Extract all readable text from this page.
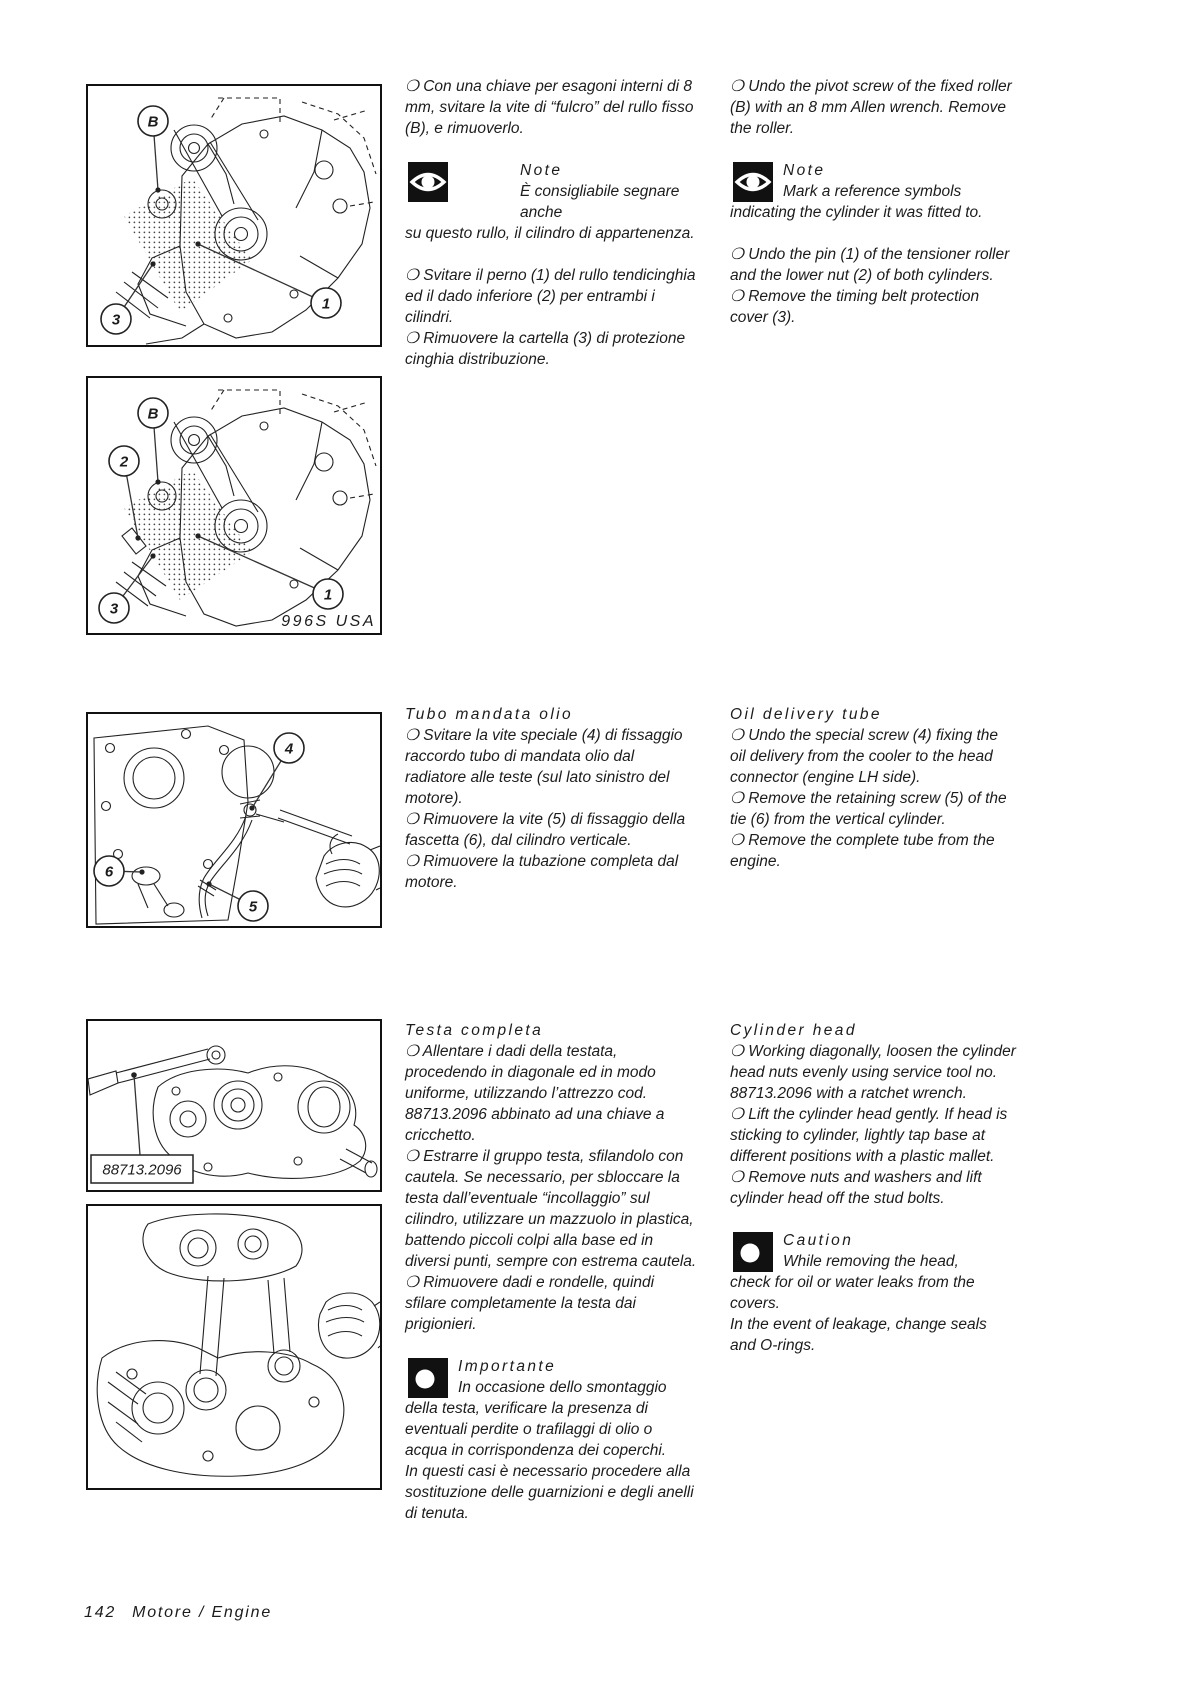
B
1
3
B
2
1
3
996S USA
4
6
5
88713.2096

❍ Con una chiave per esagoni interni di 8 mm, svitare la vite di “fulcro” del rullo fisso (B), e rimuoverlo.

Note
È consigliabile segnare anche
su questo rullo, il cilindro di appartenenza.

❍ Svitare il perno (1) del rullo tendicinghia ed il dado inferiore (2) per entrambi i cilindri.

❍ Rimuovere la cartella (3) di protezione cinghia distribuzione.

Tubo mandata olio

❍ Svitare la vite speciale (4) di fissaggio raccordo tubo di mandata olio dal radiatore alle teste (sul lato sinistro del motore).

❍ Rimuovere la vite (5) di fissaggio della fascetta (6), dal cilindro verticale.

❍ Rimuovere la tubazione completa dal motore.

Testa completa

❍ Allentare i dadi della testata, procedendo in diagonale ed in modo uniforme, utilizzando l’attrezzo cod. 88713.2096 abbinato ad una chiave a cricchetto.

❍ Estrarre il gruppo testa, sfilandolo con cautela. Se necessario, per sbloccare la testa dall’eventuale “incollaggio” sul cilindro, utilizzare un mazzuolo in plastica, battendo piccoli colpi alla base ed in diversi punti, sempre con estrema cautela.

❍ Rimuovere dadi e rondelle, quindi sfilare completamente la testa dai prigionieri.

Importante
In occasione dello smontaggio
della testa, verificare la presenza di eventuali perdite o trafilaggi di olio o acqua in corrispondenza dei coperchi.
In questi casi è necessario procedere alla sostituzione delle guarnizioni e degli anelli di tenuta.

❍ Undo the pivot screw of the fixed roller (B) with an 8 mm Allen wrench. Remove the roller.

Note
Mark a reference symbols
indicating the cylinder it was fitted to.

❍ Undo the pin (1) of the tensioner roller and the lower nut (2) of both cylinders.

❍ Remove the timing belt protection cover (3).

Oil delivery tube

❍ Undo the special screw (4) fixing the oil delivery from the cooler to the head connector (engine LH side).

❍ Remove the retaining screw (5) of the tie (6) from the vertical cylinder.

❍ Remove the complete tube from the engine.

Cylinder head

❍ Working diagonally, loosen the cylinder head nuts evenly using service tool no. 88713.2096 with a ratchet wrench.

❍ Lift the cylinder head gently. If head is sticking to cylinder, lightly tap base at different positions with a plastic mallet.

❍ Remove nuts and washers and lift cylinder head off the stud bolts.

Caution
While removing the head,
check for oil or water leaks from the covers.
In the event of leakage, change seals and O-rings.
142 Motore / Engine
